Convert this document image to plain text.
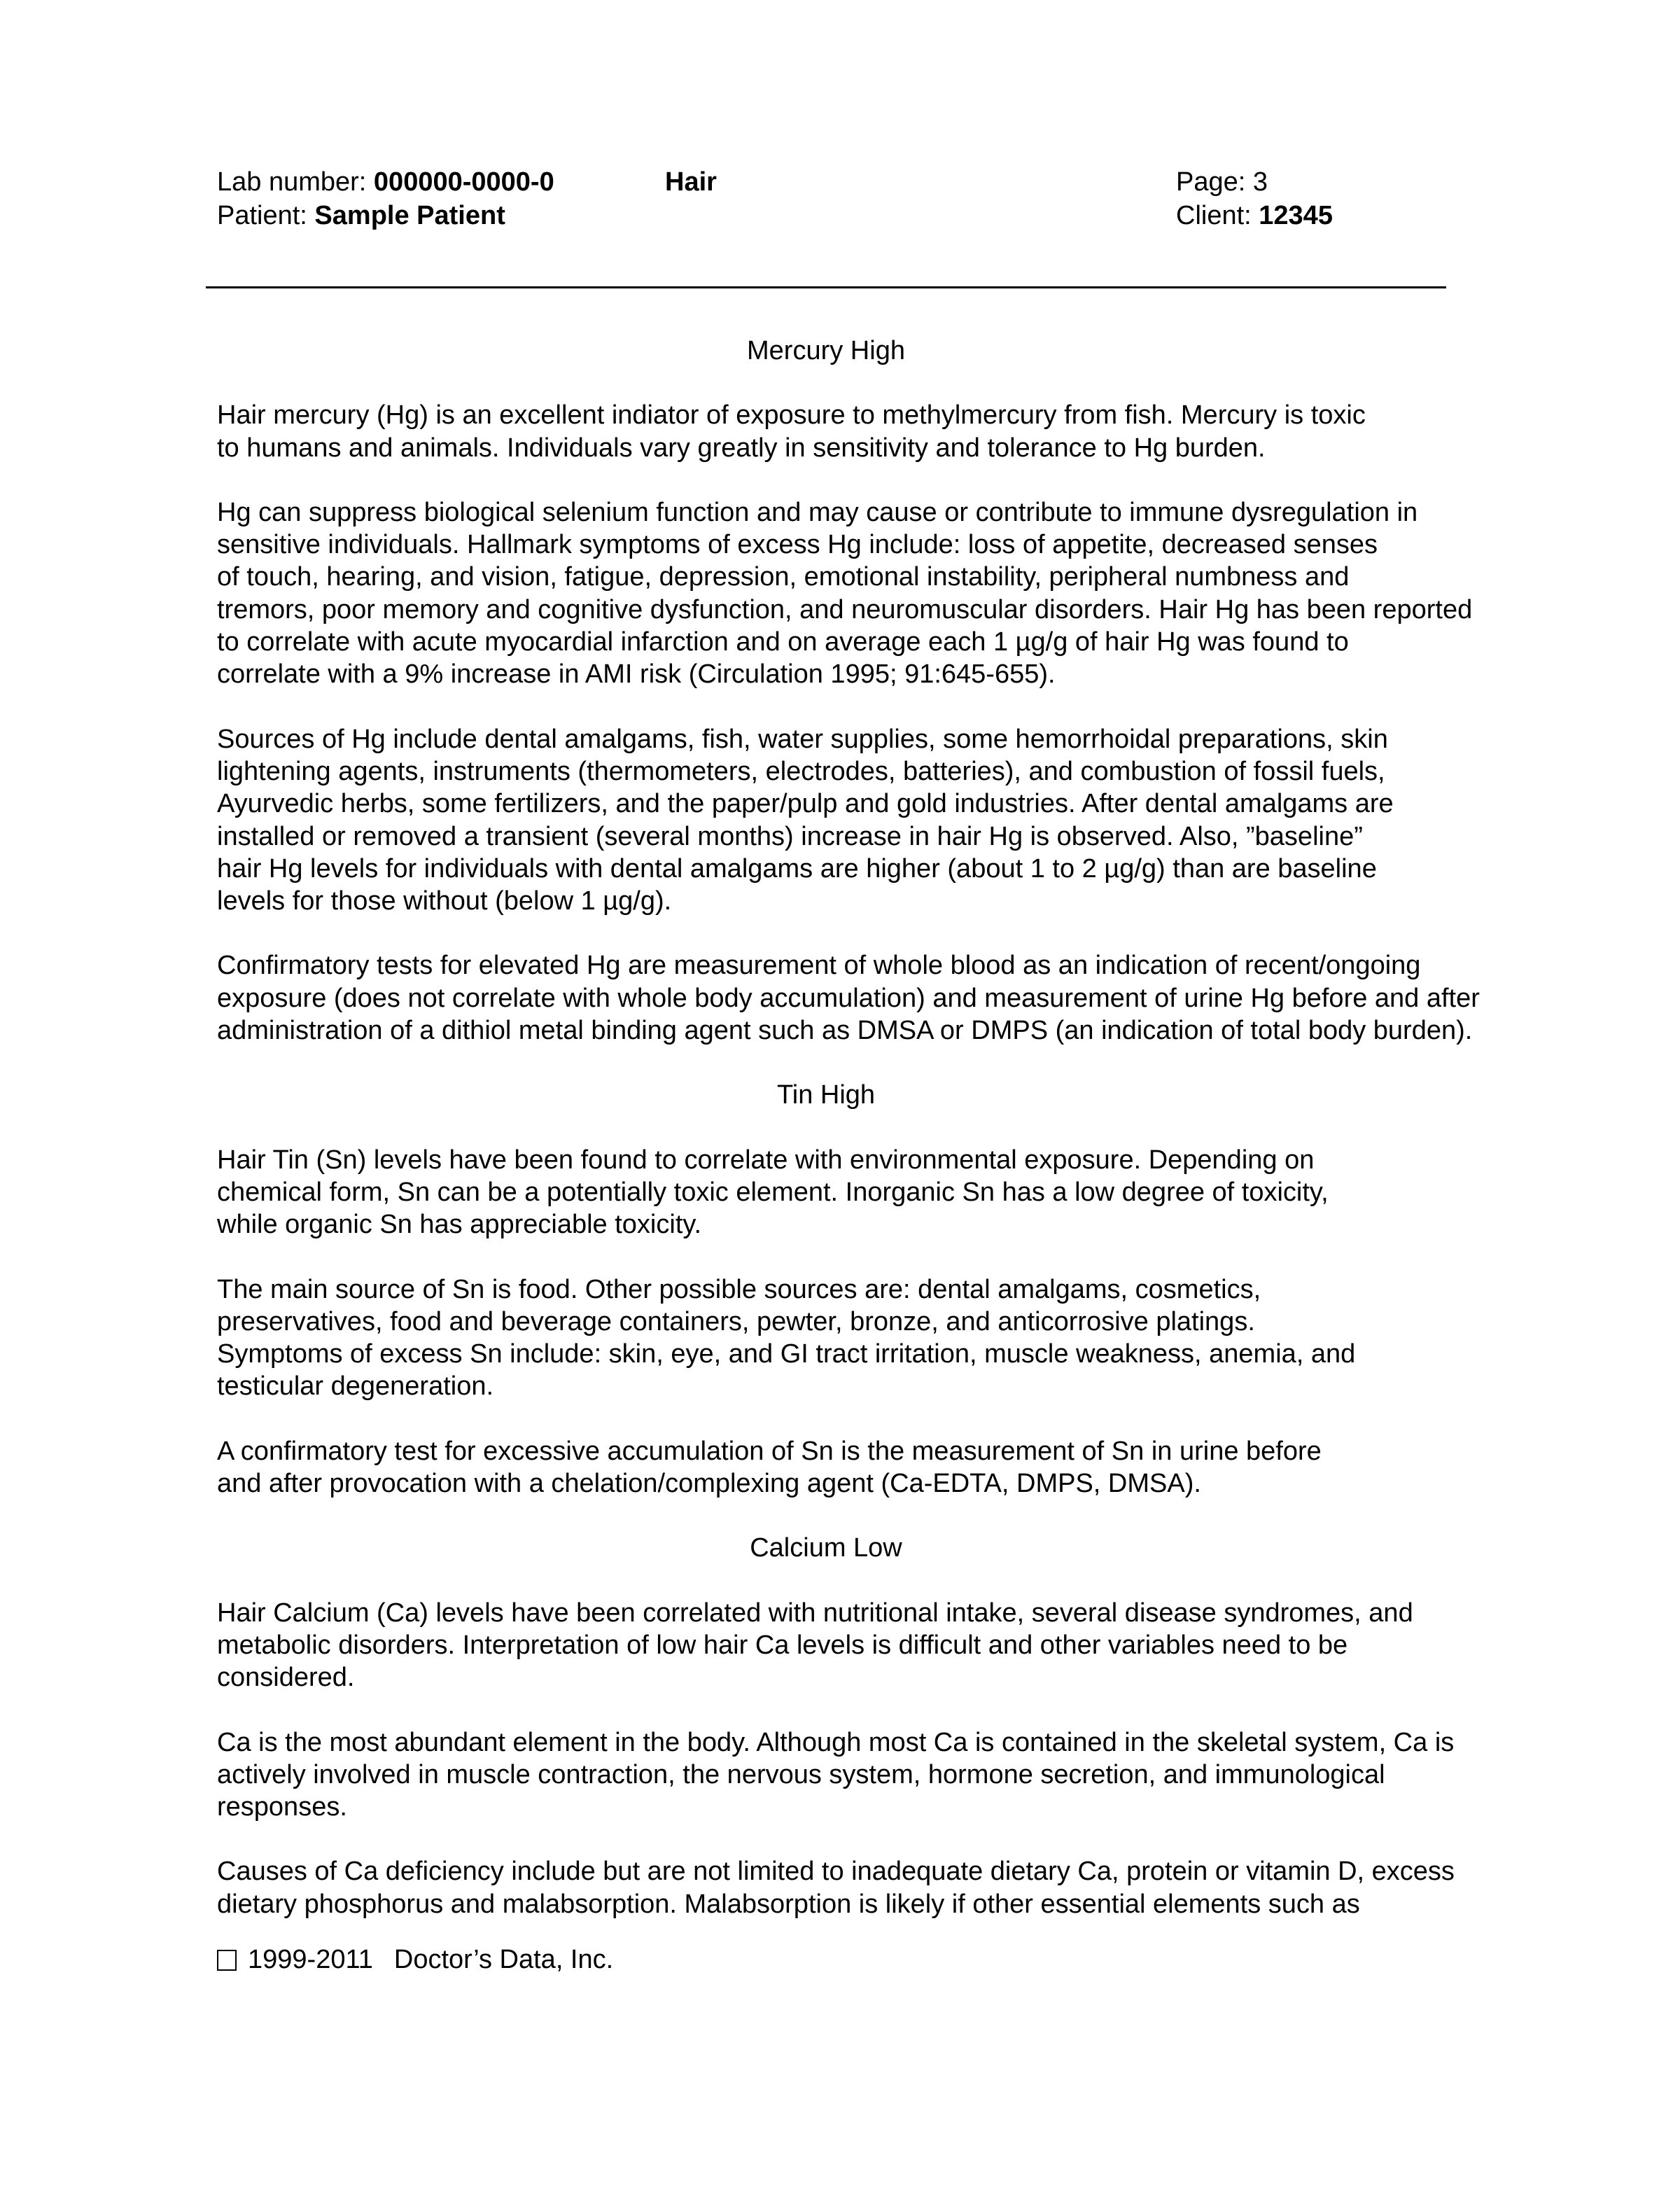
Lab number: 000000-0000-0	Hair	Page: 3
Patient: Sample Patient	Client: 12345
Mercury High
Hair mercury (Hg) is an excellent indiator of exposure to methylmercury from fish. Mercury is toxic
to humans and animals. Individuals vary greatly in sensitivity and tolerance to Hg burden.
Hg can suppress biological selenium function and may cause or contribute to immune dysregulation in
sensitive individuals. Hallmark symptoms of excess Hg include: loss of appetite, decreased senses
of touch, hearing, and vision, fatigue, depression, emotional instability, peripheral numbness and
tremors, poor memory and cognitive dysfunction, and neuromuscular disorders. Hair Hg has been reported
to correlate with acute myocardial infarction and on average each 1 µg/g of hair Hg was found to
correlate with a 9% increase in AMI risk (Circulation 1995; 91:645-655).
Sources of Hg include dental amalgams, fish, water supplies, some hemorrhoidal preparations, skin
lightening agents, instruments (thermometers, electrodes, batteries), and combustion of fossil fuels,
Ayurvedic herbs, some fertilizers, and the paper/pulp and gold industries. After dental amalgams are
installed or removed a transient (several months) increase in hair Hg is observed. Also, ”baseline”
hair Hg levels for individuals with dental amalgams are higher (about 1 to 2 µg/g) than are baseline
levels for those without (below 1 µg/g).
Confirmatory tests for elevated Hg are measurement of whole blood as an indication of recent/ongoing
exposure (does not correlate with whole body accumulation) and measurement of urine Hg before and after
administration of a dithiol metal binding agent such as DMSA or DMPS (an indication of total body burden).
Tin High
Hair Tin (Sn) levels have been found to correlate with environmental exposure. Depending on
chemical form, Sn can be a potentially toxic element. Inorganic Sn has a low degree of toxicity,
while organic Sn has appreciable toxicity.
The main source of Sn is food. Other possible sources are: dental amalgams, cosmetics,
preservatives, food and beverage containers, pewter, bronze, and anticorrosive platings.
Symptoms of excess Sn include: skin, eye, and GI tract irritation, muscle weakness, anemia, and
testicular degeneration.
A confirmatory test for excessive accumulation of Sn is the measurement of Sn in urine before
and after provocation with a chelation/complexing agent (Ca-EDTA, DMPS, DMSA).
Calcium Low
Hair Calcium (Ca) levels have been correlated with nutritional intake, several disease syndromes, and
metabolic disorders. Interpretation of low hair Ca levels is difficult and other variables need to be
considered.
Ca is the most abundant element in the body. Although most Ca is contained in the skeletal system, Ca is
actively involved in muscle contraction, the nervous system, hormone secretion, and immunological
responses.
Causes of Ca deficiency include but are not limited to inadequate dietary Ca, protein or vitamin D, excess
dietary phosphorus and malabsorption. Malabsorption is likely if other essential elements such as
1999-2011 Doctor’s Data, Inc.
